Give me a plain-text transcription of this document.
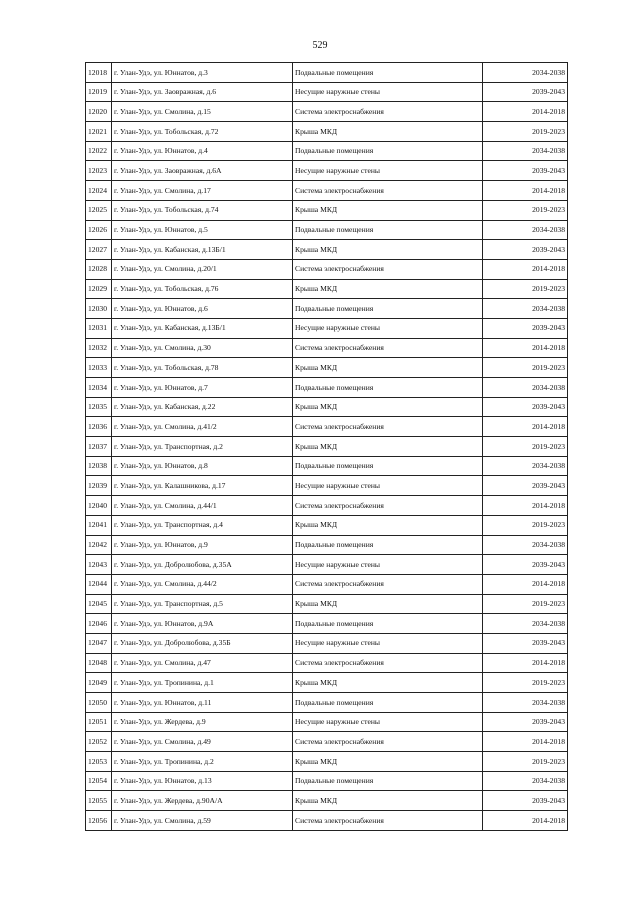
529
12018	г. Улан-Удэ, ул. Юннатов, д.3	Подвальные помещения	2034-2038
12019	г. Улан-Удэ, ул. Заовражная, д.6	Несущие наружные стены	2039-2043
12020	г. Улан-Удэ, ул. Смолина, д.15	Система электроснабжения	2014-2018
12021	г. Улан-Удэ, ул. Тобольская, д.72	Крыша МКД	2019-2023
12022	г. Улан-Удэ, ул. Юннатов, д.4	Подвальные помещения	2034-2038
12023	г. Улан-Удэ, ул. Заовражная, д.6А	Несущие наружные стены	2039-2043
12024	г. Улан-Удэ, ул. Смолина, д.17	Система электроснабжения	2014-2018
12025	г. Улан-Удэ, ул. Тобольская, д.74	Крыша МКД	2019-2023
12026	г. Улан-Удэ, ул. Юннатов, д.5	Подвальные помещения	2034-2038
12027	г. Улан-Удэ, ул. Кабанская, д.13Б/1	Крыша МКД	2039-2043
12028	г. Улан-Удэ, ул. Смолина, д.20/1	Система электроснабжения	2014-2018
12029	г. Улан-Удэ, ул. Тобольская, д.76	Крыша МКД	2019-2023
12030	г. Улан-Удэ, ул. Юннатов, д.6	Подвальные помещения	2034-2038
12031	г. Улан-Удэ, ул. Кабанская, д.13Б/1	Несущие наружные стены	2039-2043
12032	г. Улан-Удэ, ул. Смолина, д.30	Система электроснабжения	2014-2018
12033	г. Улан-Удэ, ул. Тобольская, д.78	Крыша МКД	2019-2023
12034	г. Улан-Удэ, ул. Юннатов, д.7	Подвальные помещения	2034-2038
12035	г. Улан-Удэ, ул. Кабанская, д.22	Крыша МКД	2039-2043
12036	г. Улан-Удэ, ул. Смолина, д.41/2	Система электроснабжения	2014-2018
12037	г. Улан-Удэ, ул. Транспортная, д.2	Крыша МКД	2019-2023
12038	г. Улан-Удэ, ул. Юннатов, д.8	Подвальные помещения	2034-2038
12039	г. Улан-Удэ, ул. Калашникова, д.17	Несущие наружные стены	2039-2043
12040	г. Улан-Удэ, ул. Смолина, д.44/1	Система электроснабжения	2014-2018
12041	г. Улан-Удэ, ул. Транспортная, д.4	Крыша МКД	2019-2023
12042	г. Улан-Удэ, ул. Юннатов, д.9	Подвальные помещения	2034-2038
12043	г. Улан-Удэ, ул. Добролюбова, д.35А	Несущие наружные стены	2039-2043
12044	г. Улан-Удэ, ул. Смолина, д.44/2	Система электроснабжения	2014-2018
12045	г. Улан-Удэ, ул. Транспортная, д.5	Крыша МКД	2019-2023
12046	г. Улан-Удэ, ул. Юннатов, д.9А	Подвальные помещения	2034-2038
12047	г. Улан-Удэ, ул. Добролюбова, д.35Б	Несущие наружные стены	2039-2043
12048	г. Улан-Удэ, ул. Смолина, д.47	Система электроснабжения	2014-2018
12049	г. Улан-Удэ, ул. Тропинина, д.1	Крыша МКД	2019-2023
12050	г. Улан-Удэ, ул. Юннатов, д.11	Подвальные помещения	2034-2038
12051	г. Улан-Удэ, ул. Жердева, д.9	Несущие наружные стены	2039-2043
12052	г. Улан-Удэ, ул. Смолина, д.49	Система электроснабжения	2014-2018
12053	г. Улан-Удэ, ул. Тропинина, д.2	Крыша МКД	2019-2023
12054	г. Улан-Удэ, ул. Юннатов, д.13	Подвальные помещения	2034-2038
12055	г. Улан-Удэ, ул. Жердева, д.90А/А	Крыша МКД	2039-2043
12056	г. Улан-Удэ, ул. Смолина, д.59	Система электроснабжения	2014-2018
